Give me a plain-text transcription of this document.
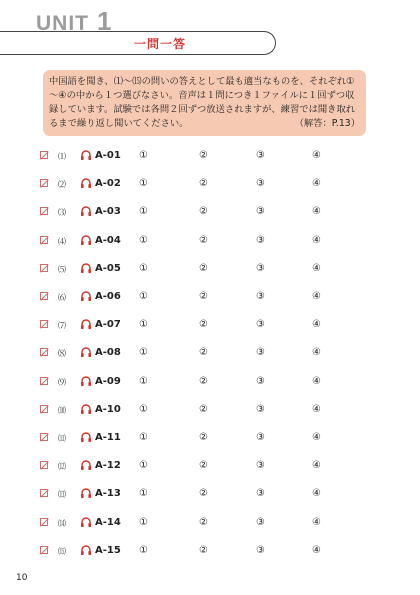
UNIT 1
一問一答
中国語を聞き、⑴～⒂の問いの答えとして最も適当なものを、それぞれ①～④の中から１つ選びなさい。音声は１問につき１ファイルに１回ずつ収録しています。試験では各問２回ずつ放送されますが、練習では聞き取れるまで繰り返し聞いてください。	（解答：P.13）
⑴	A-01 ①	②	③	④
⑵	A-02 ①	②	③	④
⑶	A-03 ①	②	③	④
⑷	A-04 ①	②	③	④
⑸	A-05 ①	②	③	④
⑹	A-06 ①	②	③	④
⑺	A-07 ①	②	③	④
⑻	A-08 ①	②	③	④
⑼	A-09 ①	②	③	④
⑽	A-10 ①	②	③	④
⑾	A-11 ①	②	③	④
⑿	A-12 ①	②	③	④
⒀	A-13 ①	②	③	④
⒁	A-14 ①	②	③	④
⒂	A-15 ①	②	③	④
10
